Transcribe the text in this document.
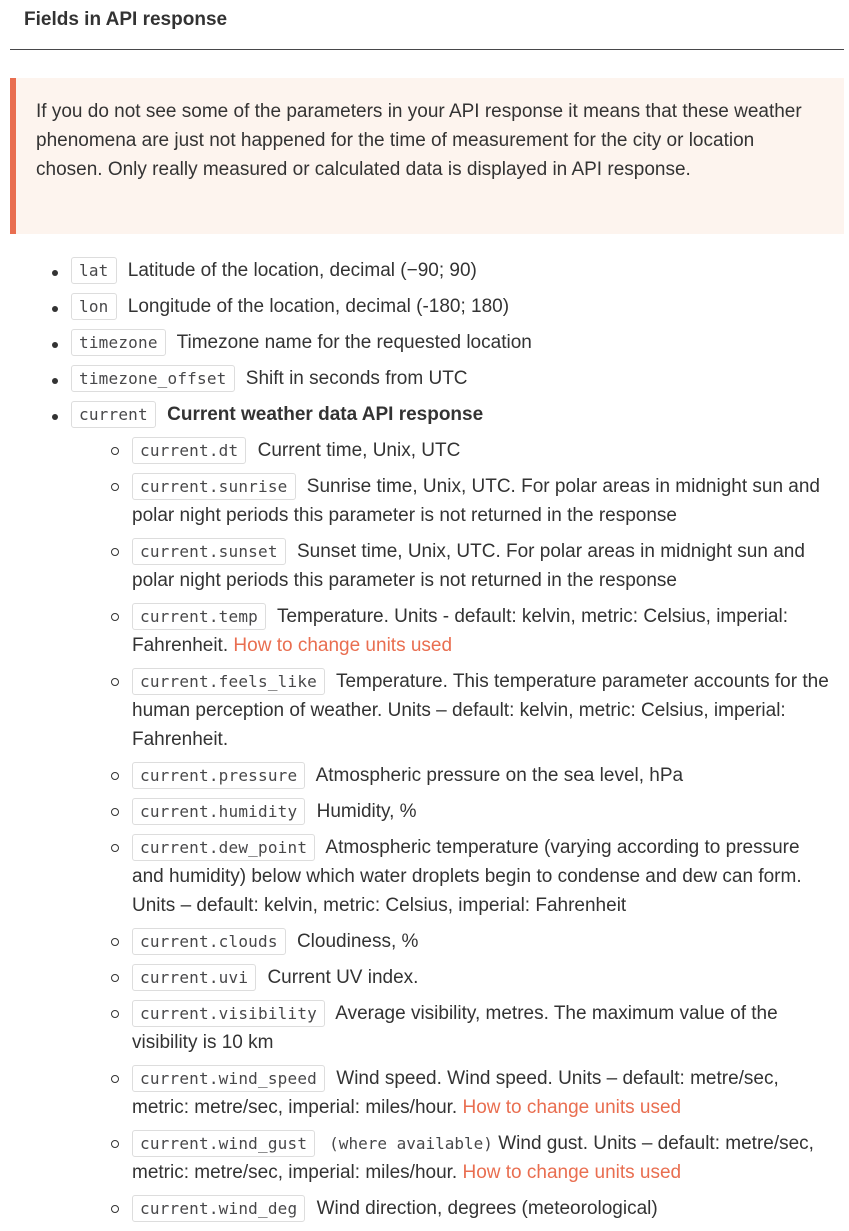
Fields in API response
If you do not see some of the parameters in your API response it means that these weather phenomena are just not happened for the time of measurement for the city or location chosen. Only really measured or calculated data is displayed in API response.
lat Latitude of the location, decimal (−90; 90)
lon Longitude of the location, decimal (-180; 180)
timezone Timezone name for the requested location
timezone_offset Shift in seconds from UTC
current Current weather data API response
current.dt Current time, Unix, UTC
current.sunrise Sunrise time, Unix, UTC. For polar areas in midnight sun and polar night periods this parameter is not returned in the response
current.sunset Sunset time, Unix, UTC. For polar areas in midnight sun and polar night periods this parameter is not returned in the response
current.temp Temperature. Units - default: kelvin, metric: Celsius, imperial: Fahrenheit. How to change units used
current.feels_like Temperature. This temperature parameter accounts for the human perception of weather. Units – default: kelvin, metric: Celsius, imperial: Fahrenheit.
current.pressure Atmospheric pressure on the sea level, hPa
current.humidity Humidity, %
current.dew_point Atmospheric temperature (varying according to pressure and humidity) below which water droplets begin to condense and dew can form. Units – default: kelvin, metric: Celsius, imperial: Fahrenheit
current.clouds Cloudiness, %
current.uvi Current UV index.
current.visibility Average visibility, metres. The maximum value of the visibility is 10 km
current.wind_speed Wind speed. Wind speed. Units – default: metre/sec, metric: metre/sec, imperial: miles/hour. How to change units used
current.wind_gust (where available) Wind gust. Units – default: metre/sec, metric: metre/sec, imperial: miles/hour. How to change units used
current.wind_deg Wind direction, degrees (meteorological)
